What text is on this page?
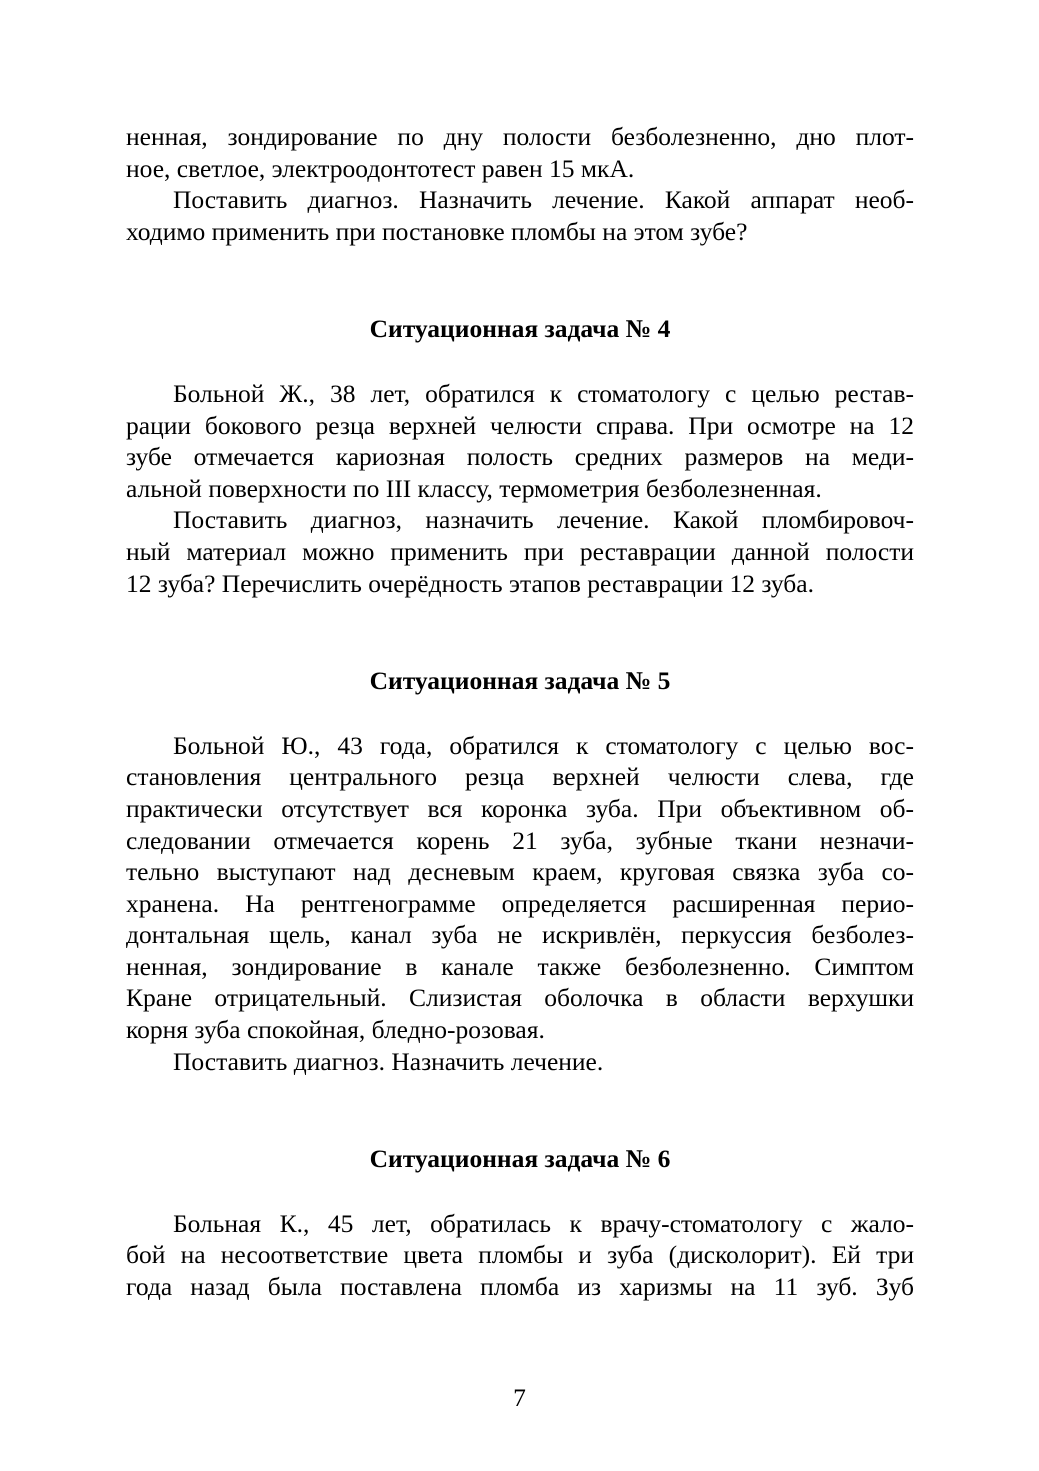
ненная, зондирование по дну полости безболезненно, дно плот-
ное, светлое, электроодонтотест равен 15 мкА.

Поставить диагноз. Назначить лечение. Какой аппарат необ-
ходимо применить при постановке пломбы на этом зубе?

Ситуационная задача № 4

Больной Ж., 38 лет, обратился к стоматологу с целью рестав-
рации бокового резца верхней челюсти справа. При осмотре на 12
зубе отмечается кариозная полость средних размеров на меди-
альной поверхности по III классу, термометрия безболезненная.

Поставить диагноз, назначить лечение. Какой пломбировоч-
ный материал можно применить при реставрации данной полости
12 зуба? Перечислить очерёдность этапов реставрации 12 зуба.

Ситуационная задача № 5

Больной Ю., 43 года, обратился к стоматологу с целью вос-
становления центрального резца верхней челюсти слева, где
практически отсутствует вся коронка зуба. При объективном об-
следовании отмечается корень 21 зуба, зубные ткани незначи-
тельно выступают над десневым краем, круговая связка зуба со-
хранена. На рентгенограмме определяется расширенная перио-
донтальная щель, канал зуба не искривлён, перкуссия безболез-
ненная, зондирование в канале также безболезненно. Симптом
Кране отрицательный. Слизистая оболочка в области верхушки
корня зуба спокойная, бледно-розовая.

Поставить диагноз. Назначить лечение.

Ситуационная задача № 6

Больная К., 45 лет, обратилась к врачу-стоматологу с жало-
бой на несоответствие цвета пломбы и зуба (дисколорит). Ей три
года назад была поставлена пломба из харизмы на 11 зуб. Зуб

7
